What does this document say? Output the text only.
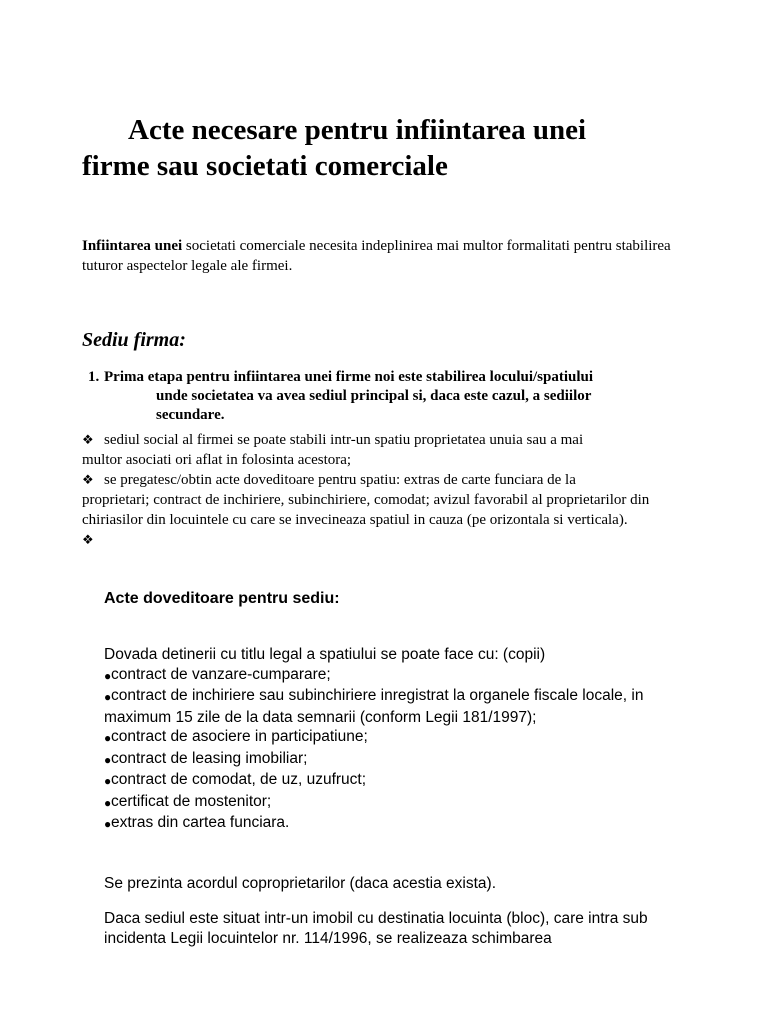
Acte necesare pentru infiintarea unei
firme sau societati comerciale

Infiintarea unei societati comerciale necesita indeplinirea mai multor formalitati pentru stabilirea tuturor aspectelor legale ale firmei.

Sediu firma:
1. Prima etapa pentru infiintarea unei firme noi este stabilirea locului/spatiului
unde societatea va avea sediul principal si, daca este cazul, a sediilor
secundare.
❖ sediul social al firmei se poate stabili intr-un spatiu proprietatea unuia sau a mai
multor asociati ori aflat in folosinta acestora;
❖ se pregatesc/obtin acte doveditoare pentru spatiu: extras de carte funciara de la
proprietari; contract de inchiriere, subinchiriere, comodat; avizul favorabil al proprietarilor din chiriasilor din locuintele cu care se invecineaza spatiul in cauza (pe orizontala si verticala).
❖
Acte doveditoare pentru sediu:
Dovada detinerii cu titlu legal a spatiului se poate face cu: (copii)
●contract de vanzare-cumparare;
●contract de inchiriere sau subinchiriere inregistrat la organele fiscale locale, in maximum 15 zile de la data semnarii (conform Legii 181/1997);
●contract de asociere in participatiune;
●contract de leasing imobiliar;
●contract de comodat, de uz, uzufruct;
●certificat de mostenitor;
●extras din cartea funciara.

Se prezinta acordul coproprietarilor (daca acestia exista).

Daca sediul este situat intr-un imobil cu destinatia locuinta (bloc), care intra sub incidenta Legii locuintelor nr. 114/1996, se realizeaza schimbarea
